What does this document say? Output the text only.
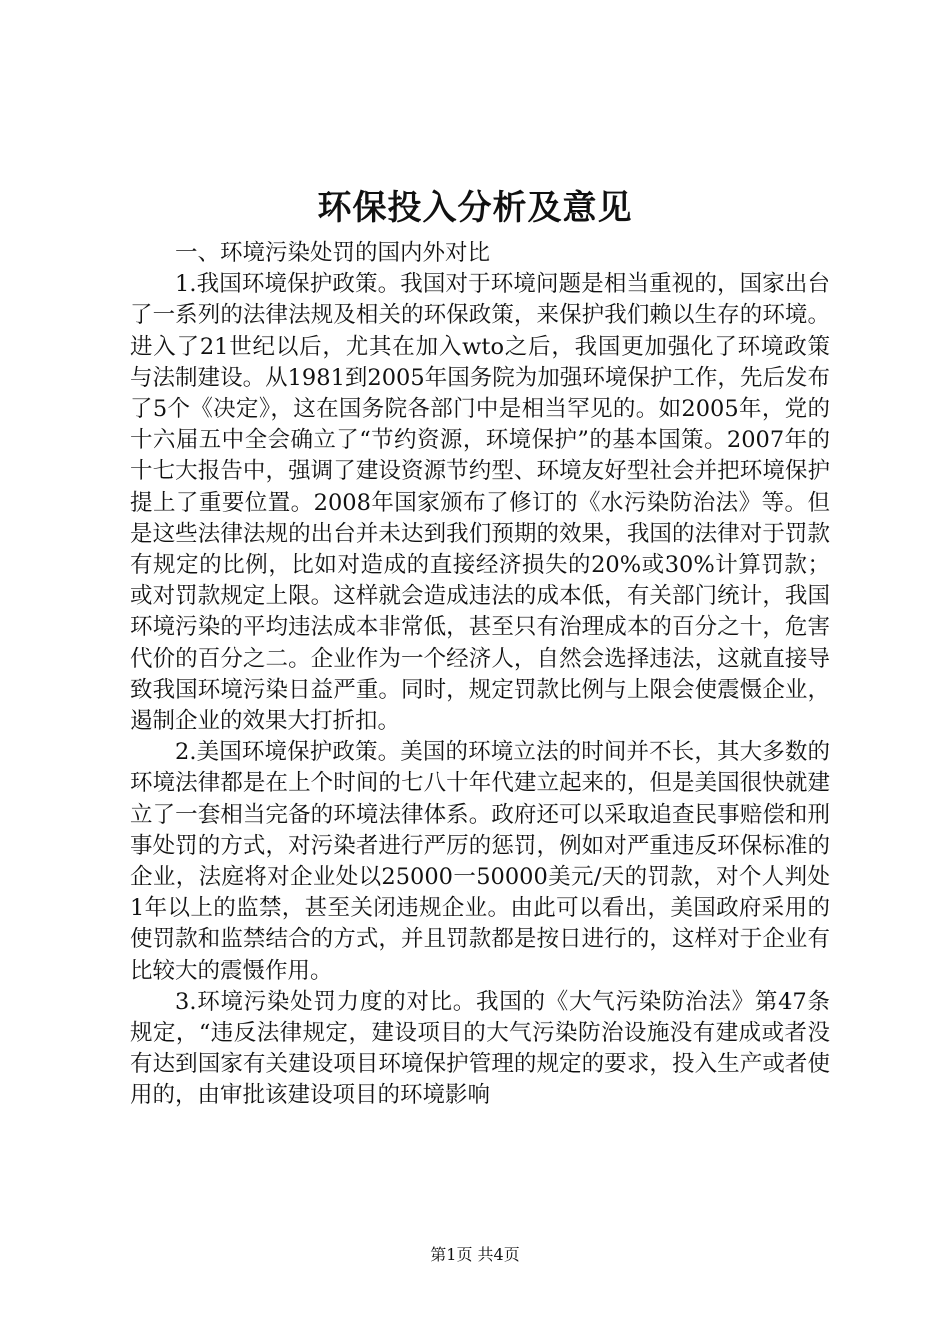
环保投入分析及意见

一、环境污染处罚的国内外对比

1.我国环境保护政策。我国对于环境问题是相当重视的，国家出台了一系列的法律法规及相关的环保政策，来保护我们赖以生存的环境。进入了21世纪以后，尤其在加入wto之后，我国更加强化了环境政策与法制建设。从1981到2005年国务院为加强环境保护工作，先后发布了5个《决定》，这在国务院各部门中是相当罕见的。如2005年，党的十六届五中全会确立了“节约资源，环境保护”的基本国策。2007年的十七大报告中，强调了建设资源节约型、环境友好型社会并把环境保护提上了重要位置。2008年国家颁布了修订的《水污染防治法》等。但是这些法律法规的出台并未达到我们预期的效果，我国的法律对于罚款有规定的比例，比如对造成的直接经济损失的20%或30%计算罚款；或对罚款规定上限。这样就会造成违法的成本低，有关部门统计，我国环境污染的平均违法成本非常低，甚至只有治理成本的百分之十，危害代价的百分之二。企业作为一个经济人，自然会选择违法，这就直接导致我国环境污染日益严重。同时，规定罚款比例与上限会使震慑企业，遏制企业的效果大打折扣。

2.美国环境保护政策。美国的环境立法的时间并不长，其大多数的环境法律都是在上个时间的七八十年代建立起来的，但是美国很快就建立了一套相当完备的环境法律体系。政府还可以采取追查民事赔偿和刑事处罚的方式，对污染者进行严厉的惩罚，例如对严重违反环保标准的企业，法庭将对企业处以25000一50000美元/天的罚款，对个人判处1年以上的监禁，甚至关闭违规企业。由此可以看出，美国政府采用的使罚款和监禁结合的方式，并且罚款都是按日进行的，这样对于企业有比较大的震慑作用。

3.环境污染处罚力度的对比。我国的《大气污染防治法》第47条规定，“违反法律规定，建设项目的大气污染防治设施没有建成或者没有达到国家有关建设项目环境保护管理的规定的要求，投入生产或者使用的，由审批该建设项目的环境影响

第1页 共4页
